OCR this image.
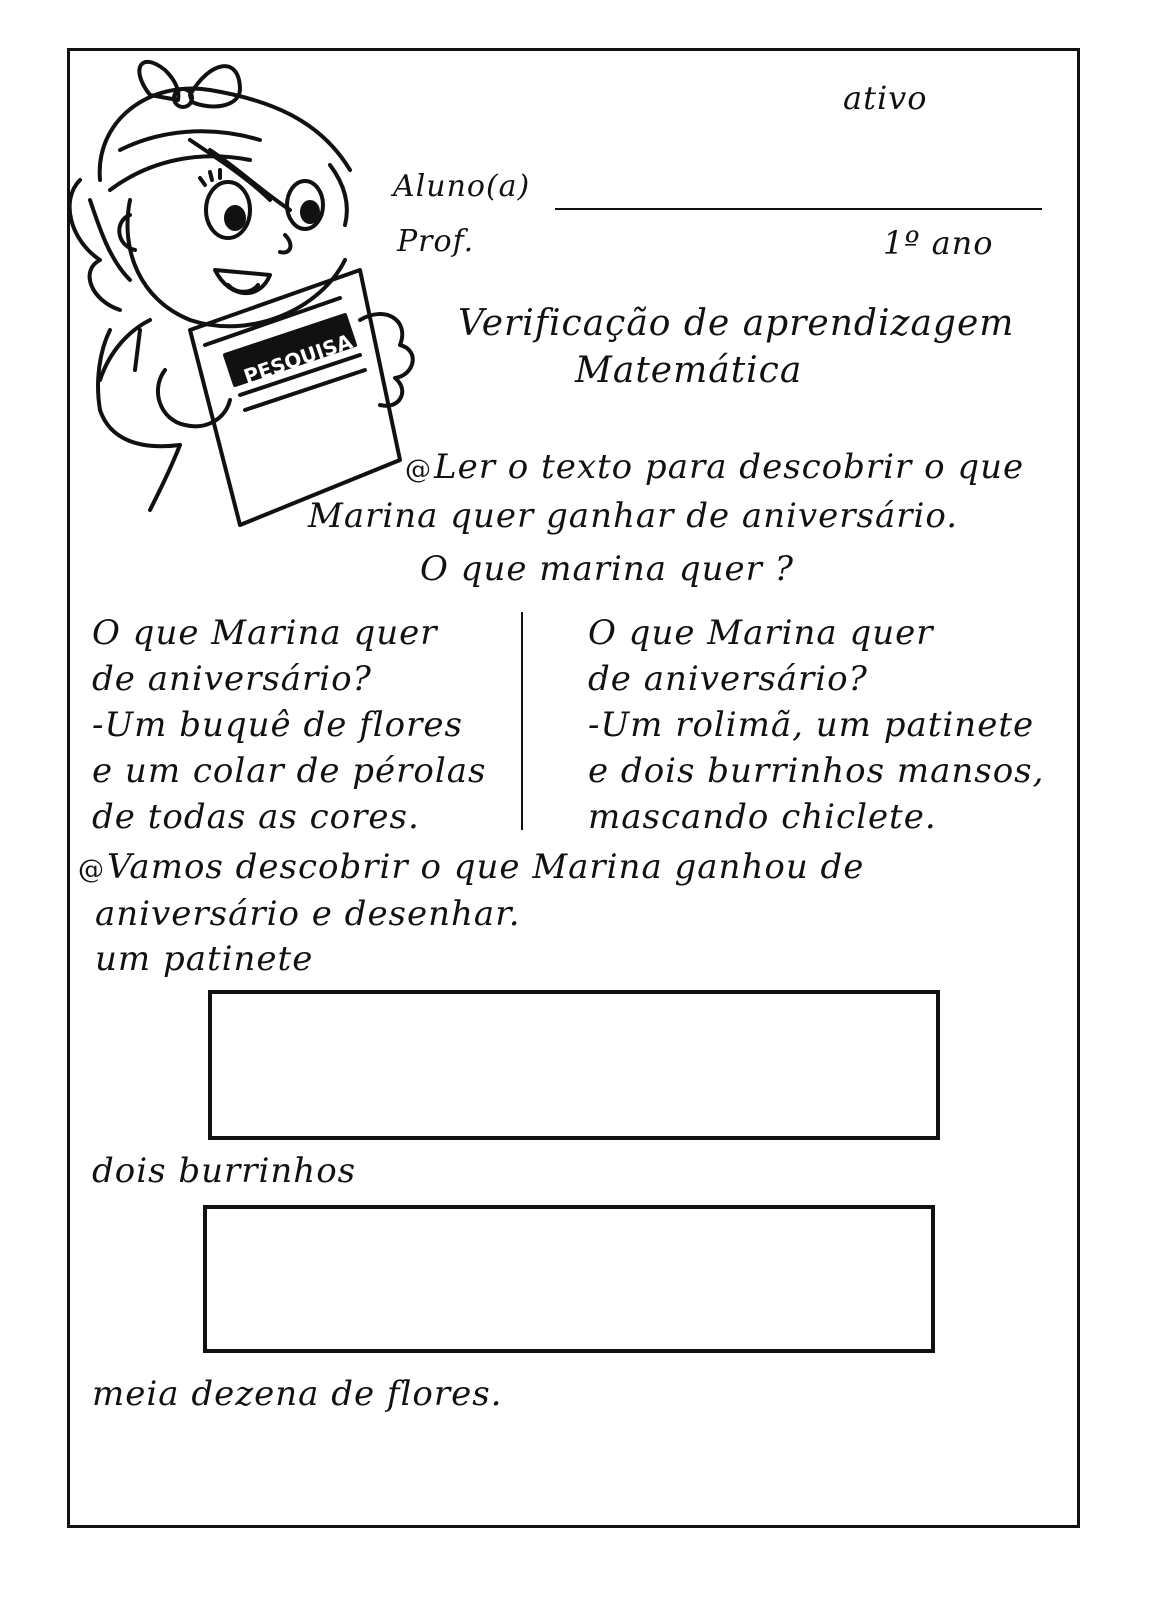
PESQUISA
ativo
Aluno(a)
Prof.	1º ano
Verificação de aprendizagem
Matemática
@Ler o texto para descobrir o que
Marina quer ganhar de aniversário.
O que marina quer ?
O que Marina quer
de aniversário?
-Um buquê de flores
e um colar de pérolas
de todas as cores.
O que Marina quer
de aniversário?
-Um rolimã, um patinete
e dois burrinhos mansos,
mascando chiclete.
@Vamos descobrir o que Marina ganhou de
aniversário e desenhar.
um patinete
dois burrinhos
meia dezena de flores.
